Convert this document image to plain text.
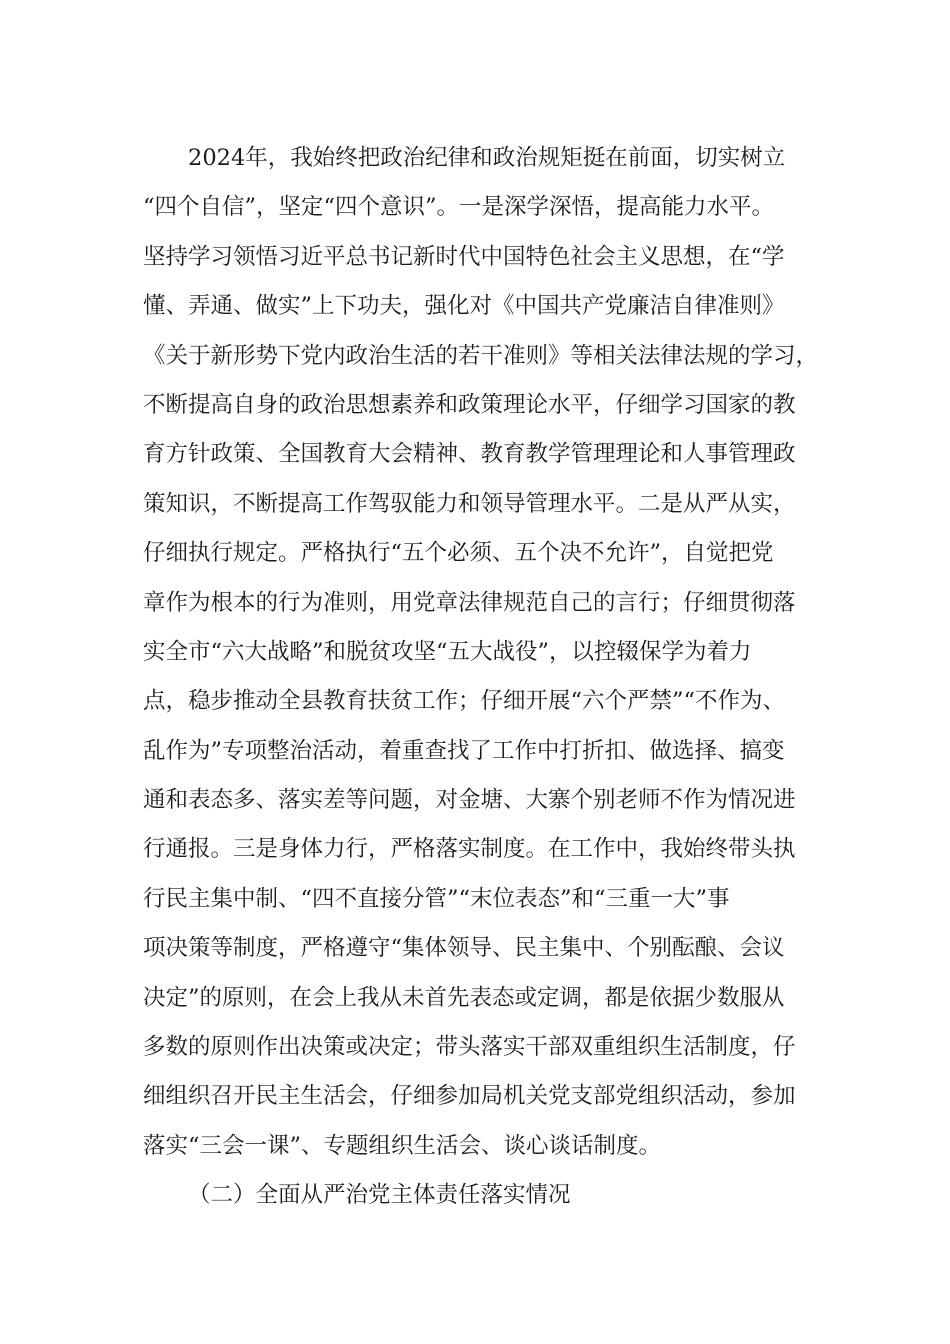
2024年，我始终把政治纪律和政治规矩挺在前面，切实树立
“四个自信”，坚定“四个意识”。一是深学深悟，提高能力水平。
坚持学习领悟习近平总书记新时代中国特色社会主义思想，在“学
懂、弄通、做实”上下功夫，强化对《中国共产党廉洁自律准则》
《关于新形势下党内政治生活的若干准则》等相关法律法规的学习，
不断提高自身的政治思想素养和政策理论水平，仔细学习国家的教
育方针政策、全国教育大会精神、教育教学管理理论和人事管理政
策知识，不断提高工作驾驭能力和领导管理水平。二是从严从实，
仔细执行规定。严格执行“五个必须、五个决不允许”，自觉把党
章作为根本的行为准则，用党章法律规范自己的言行；仔细贯彻落
实全市“六大战略”和脱贫攻坚“五大战役”，以控辍保学为着力
点，稳步推动全县教育扶贫工作；仔细开展“六个严禁”“不作为、
乱作为”专项整治活动，着重查找了工作中打折扣、做选择、搞变
通和表态多、落实差等问题，对金塘、大寨个别老师不作为情况进
行通报。三是身体力行，严格落实制度。在工作中，我始终带头执
行民主集中制、“四不直接分管”“末位表态”和“三重一大”事
项决策等制度，严格遵守“集体领导、民主集中、个别酝酿、会议
决定”的原则，在会上我从未首先表态或定调，都是依据少数服从
多数的原则作出决策或决定；带头落实干部双重组织生活制度，仔
细组织召开民主生活会，仔细参加局机关党支部党组织活动，参加
落实“三会一课”、专题组织生活会、谈心谈话制度。
（二）全面从严治党主体责任落实情况
